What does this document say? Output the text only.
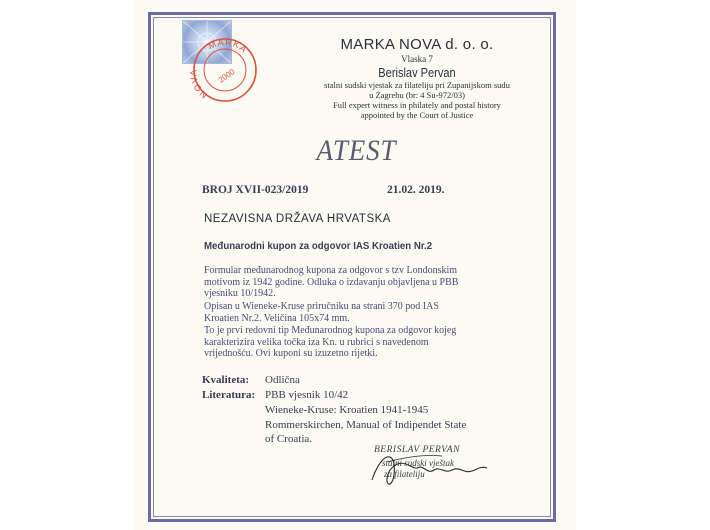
MARKA
NOVA	2000
MARKA NOVA d. o. o.
Vlaska 7
Berislav Pervan
stalni sudski vjestak za filateliju pri Zupanijskom sudu
u Zagrebu (br: 4 Su-972/03)
Full expert witness in philately and postal history
appointed by the Court of Justice
ATEST
BROJ XVII-023/2019	21.02. 2019.
NEZAVISNA DRŽAVA HRVATSKA
Međunarodni kupon za odgovor IAS Kroatien Nr.2
Formular međunarodnog kupona za odgovor s tzv Londonskim
motivom iz 1942 godine. Odluka o izdavanju objavljena u PBB
vjesniku 10/1942.
Opisan u Wieneke-Kruse priručniku na strani 370 pod IAS
Kroatien Nr.2. Veličina 105x74 mm.
To je prvi redovni tip Međunarodnog kupona za odgovor kojeg
karakterizira velika točka iza Kn. u rubrici s navedenom
vrijednošću. Ovi kuponi su izuzetno rijetki.
Kvaliteta: Odlična
Literatura: PBB vjesnik 10/42
Wieneke-Kruse: Kroatien 1941-1945
Rommerskirchen, Manual of Indipendet State
of Croatia.
BERISLAV PERVAN
stalni sudski vještak
za filateliju
